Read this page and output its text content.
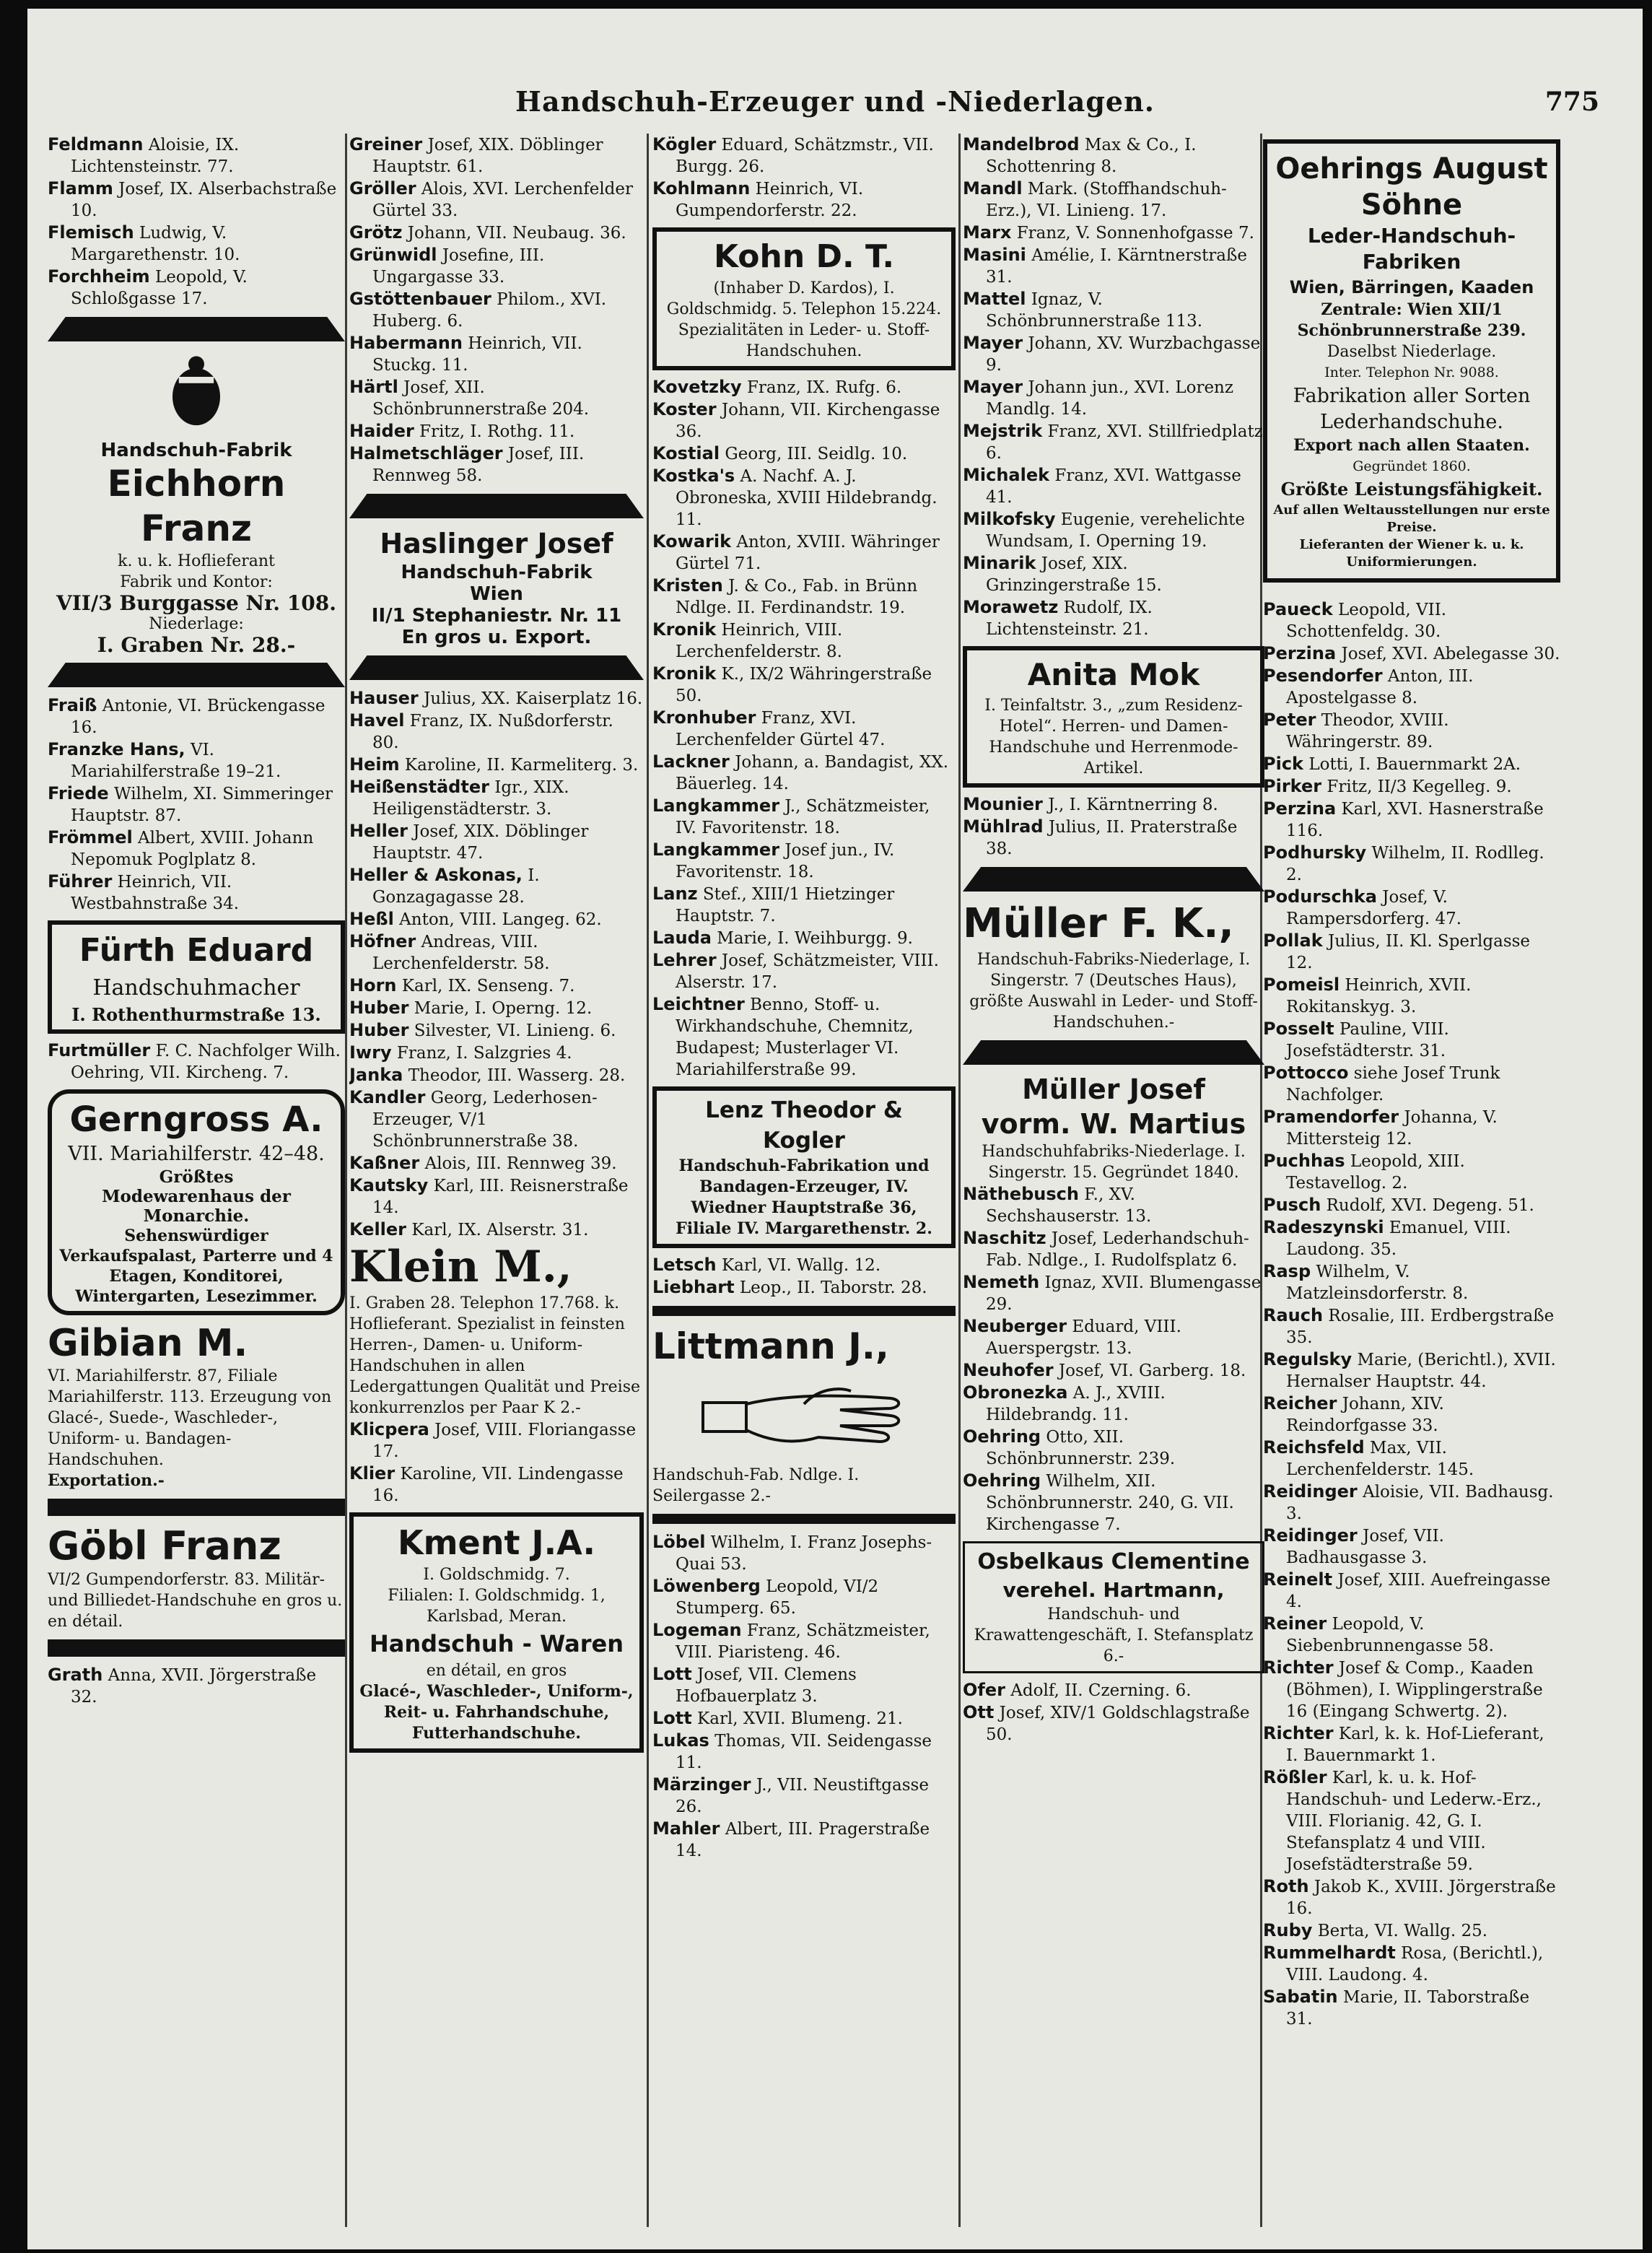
Handschuh-Erzeuger und -Niederlagen.	775

Feldmann Aloisie, IX. Lichtensteinstr. 77.

Flamm Josef, IX. Alserbachstraße 10.

Flemisch Ludwig, V. Margarethenstr. 10.

Forchheim Leopold, V. Schloßgasse 17.

Handschuh-Fabrik
Eichhorn Franz
k. u. k. Hoflieferant
Fabrik und Kontor:
VII/3 Burggasse Nr. 108.
Niederlage:
I. Graben Nr. 28.-

Fraiß Antonie, VI. Brückengasse 16.

Franzke Hans, VI. Mariahilferstraße 19–21.

Friede Wilhelm, XI. Simmeringer Hauptstr. 87.

Frömmel Albert, XVIII. Johann Nepomuk Poglplatz 8.

Führer Heinrich, VII. Westbahnstraße 34.

Fürth Eduard
Handschuhmacher
I. Rothenthurmstraße 13.

Furtmüller F. C. Nachfolger Wilh. Oehring, VII. Kircheng. 7.

Gerngross A.
VII. Mariahilferstr. 42–48.
Größtes
Modewarenhaus der
Monarchie.
Sehenswürdiger Verkaufspalast, Parterre und 4 Etagen, Konditorei, Wintergarten, Lesezimmer.
Gibian M.
VI. Mariahilferstr. 87, Filiale Mariahilferstr. 113. Erzeugung von Glacé-, Suede-, Waschleder-, Uniform- u. Bandagen-Handschuhen.
Exportation.-
Göbl Franz
VI/2 Gumpendorferstr. 83. Militär- und Billiedet-Handschuhe en gros u. en détail.

Grath Anna, XVII. Jörgerstraße 32.

Greiner Josef, XIX. Döblinger Hauptstr. 61.

Gröller Alois, XVI. Lerchenfelder Gürtel 33.

Grötz Johann, VII. Neubaug. 36.

Grünwidl Josefine, III. Ungargasse 33.

Gstöttenbauer Philom., XVI. Huberg. 6.

Habermann Heinrich, VII. Stuckg. 11.

Härtl Josef, XII. Schönbrunnerstraße 204.

Haider Fritz, I. Rothg. 11.

Halmetschläger Josef, III. Rennweg 58.

Haslinger Josef
Handschuh-Fabrik
Wien
II/1 Stephaniestr. Nr. 11
En gros u. Export.

Hauser Julius, XX. Kaiserplatz 16.

Havel Franz, IX. Nußdorferstr. 80.

Heim Karoline, II. Karmeliterg. 3.

Heißenstädter Igr., XIX. Heiligenstädterstr. 3.

Heller Josef, XIX. Döblinger Hauptstr. 47.

Heller & Askonas, I. Gonzagagasse 28.

Heßl Anton, VIII. Langeg. 62.

Höfner Andreas, VIII. Lerchenfelderstr. 58.

Horn Karl, IX. Senseng. 7.

Huber Marie, I. Operng. 12.

Huber Silvester, VI. Linieng. 6.

Iwry Franz, I. Salzgries 4.

Janka Theodor, III. Wasserg. 28.

Kandler Georg, Lederhosen-Erzeuger, V/1 Schönbrunnerstraße 38.

Kaßner Alois, III. Rennweg 39.

Kautsky Karl, III. Reisnerstraße 14.

Keller Karl, IX. Alserstr. 31.

Klein M.,
I. Graben 28. Telephon 17.768. k. Hoflieferant. Spezialist in feinsten Herren-, Damen- u. Uniform-Handschuhen in allen Ledergattungen Qualität und Preise konkurrenzlos per Paar K 2.-

Klicpera Josef, VIII. Floriangasse 17.

Klier Karoline, VII. Lindengasse 16.

Kment J.A.
I. Goldschmidg. 7.
Filialen: I. Goldschmidg. 1, Karlsbad, Meran.
Handschuh - Waren
en détail, en gros
Glacé-, Waschleder-, Uniform-, Reit- u. Fahrhandschuhe, Futterhandschuhe.

Kögler Eduard, Schätzmstr., VII. Burgg. 26.

Kohlmann Heinrich, VI. Gumpendorferstr. 22.

Kohn D. T.
(Inhaber D. Kardos), I. Goldschmidg. 5. Telephon 15.224. Spezialitäten in Leder- u. Stoff-Handschuhen.

Kovetzky Franz, IX. Rufg. 6.

Koster Johann, VII. Kirchengasse 36.

Kostial Georg, III. Seidlg. 10.

Kostka's A. Nachf. A. J. Obroneska, XVIII Hildebrandg. 11.

Kowarik Anton, XVIII. Währinger Gürtel 71.

Kristen J. & Co., Fab. in Brünn Ndlge. II. Ferdinandstr. 19.

Kronik Heinrich, VIII. Lerchenfelderstr. 8.

Kronik K., IX/2 Währingerstraße 50.

Kronhuber Franz, XVI. Lerchenfelder Gürtel 47.

Lackner Johann, a. Bandagist, XX. Bäuerleg. 14.

Langkammer J., Schätzmeister, IV. Favoritenstr. 18.

Langkammer Josef jun., IV. Favoritenstr. 18.

Lanz Stef., XIII/1 Hietzinger Hauptstr. 7.

Lauda Marie, I. Weihburgg. 9.

Lehrer Josef, Schätzmeister, VIII. Alserstr. 17.

Leichtner Benno, Stoff- u. Wirkhandschuhe, Chemnitz, Budapest; Musterlager VI. Mariahilferstraße 99.

Lenz Theodor & Kogler
Handschuh-Fabrikation und Bandagen-Erzeuger, IV. Wiedner Hauptstraße 36, Filiale IV. Margarethenstr. 2.

Letsch Karl, VI. Wallg. 12.

Liebhart Leop., II. Taborstr. 28.

Littmann J.,
Handschuh-Fab. Ndlge. I. Seilergasse 2.-

Löbel Wilhelm, I. Franz Josephs-Quai 53.

Löwenberg Leopold, VI/2 Stumperg. 65.

Logeman Franz, Schätzmeister, VIII. Piaristeng. 46.

Lott Josef, VII. Clemens Hofbauerplatz 3.

Lott Karl, XVII. Blumeng. 21.

Lukas Thomas, VII. Seidengasse 11.

Märzinger J., VII. Neustiftgasse 26.

Mahler Albert, III. Pragerstraße 14.

Mandelbrod Max & Co., I. Schottenring 8.

Mandl Mark. (Stoffhandschuh-Erz.), VI. Linieng. 17.

Marx Franz, V. Sonnenhofgasse 7.

Masini Amélie, I. Kärntnerstraße 31.

Mattel Ignaz, V. Schönbrunnerstraße 113.

Mayer Johann, XV. Wurzbachgasse 9.

Mayer Johann jun., XVI. Lorenz Mandlg. 14.

Mejstrik Franz, XVI. Stillfriedplatz 6.

Michalek Franz, XVI. Wattgasse 41.

Milkofsky Eugenie, verehelichte Wundsam, I. Operning 19.

Minarik Josef, XIX. Grinzingerstraße 15.

Morawetz Rudolf, IX. Lichtensteinstr. 21.

Anita Mok
I. Teinfaltstr. 3., „zum Residenz-Hotel“. Herren- und Damen-Handschuhe und Herrenmode-Artikel.

Mounier J., I. Kärntnerring 8.

Mühlrad Julius, II. Praterstraße 38.

Müller F. K.,
Handschuh-Fabriks-Niederlage, I. Singerstr. 7 (Deutsches Haus), größte Auswahl in Leder- und Stoff-Handschuhen.-
Müller Josef
vorm. W. Martius
Handschuhfabriks-Niederlage. I. Singerstr. 15. Gegründet 1840.

Näthebusch F., XV. Sechshauserstr. 13.

Naschitz Josef, Lederhandschuh-Fab. Ndlge., I. Rudolfsplatz 6.

Nemeth Ignaz, XVII. Blumengasse 29.

Neuberger Eduard, VIII. Auerspergstr. 13.

Neuhofer Josef, VI. Garberg. 18.

Obronezka A. J., XVIII. Hildebrandg. 11.

Oehring Otto, XII. Schönbrunnerstr. 239.

Oehring Wilhelm, XII. Schönbrunnerstr. 240, G. VII. Kirchengasse 7.

Osbelkaus Clementine
verehel. Hartmann,
Handschuh- und Krawattengeschäft, I. Stefansplatz 6.-

Ofer Adolf, II. Czerning. 6.

Ott Josef, XIV/1 Goldschlagstraße 50.

Oehrings August
Söhne
Leder-Handschuh-
Fabriken
Wien, Bärringen, Kaaden
Zentrale: Wien XII/1 Schönbrunnerstraße 239.
Daselbst Niederlage.
Inter. Telephon Nr. 9088.
Fabrikation aller Sorten
Lederhandschuhe.
Export nach allen Staaten.
Gegründet 1860.
Größte Leistungsfähigkeit.
Auf allen Weltausstellungen nur erste Preise.
Lieferanten der Wiener k. u. k. Uniformierungen.

Paueck Leopold, VII. Schottenfeldg. 30.

Perzina Josef, XVI. Abelegasse 30.

Pesendorfer Anton, III. Apostelgasse 8.

Peter Theodor, XVIII. Währingerstr. 89.

Pick Lotti, I. Bauernmarkt 2A.

Pirker Fritz, II/3 Kegelleg. 9.

Perzina Karl, XVI. Hasnerstraße 116.

Podhursky Wilhelm, II. Rodlleg. 2.

Podurschka Josef, V. Rampersdorferg. 47.

Pollak Julius, II. Kl. Sperlgasse 12.

Pomeisl Heinrich, XVII. Rokitanskyg. 3.

Posselt Pauline, VIII. Josefstädterstr. 31.

Pottocco siehe Josef Trunk Nachfolger.

Pramendorfer Johanna, V. Mittersteig 12.

Puchhas Leopold, XIII. Testavellog. 2.

Pusch Rudolf, XVI. Degeng. 51.

Radeszynski Emanuel, VIII. Laudong. 35.

Rasp Wilhelm, V. Matzleinsdorferstr. 8.

Rauch Rosalie, III. Erdbergstraße 35.

Regulsky Marie, (Berichtl.), XVII. Hernalser Hauptstr. 44.

Reicher Johann, XIV. Reindorfgasse 33.

Reichsfeld Max, VII. Lerchenfelderstr. 145.

Reidinger Aloisie, VII. Badhausg. 3.

Reidinger Josef, VII. Badhausgasse 3.

Reinelt Josef, XIII. Auefreingasse 4.

Reiner Leopold, V. Siebenbrunnengasse 58.

Richter Josef & Comp., Kaaden (Böhmen), I. Wipplingerstraße 16 (Eingang Schwertg. 2).

Richter Karl, k. k. Hof-Lieferant, I. Bauernmarkt 1.

Rößler Karl, k. u. k. Hof-Handschuh- und Lederw.-Erz., VIII. Florianig. 42, G. I. Stefansplatz 4 und VIII. Josefstädterstraße 59.

Roth Jakob K., XVIII. Jörgerstraße 16.

Ruby Berta, VI. Wallg. 25.

Rummelhardt Rosa, (Berichtl.), VIII. Laudong. 4.

Sabatin Marie, II. Taborstraße 31.
